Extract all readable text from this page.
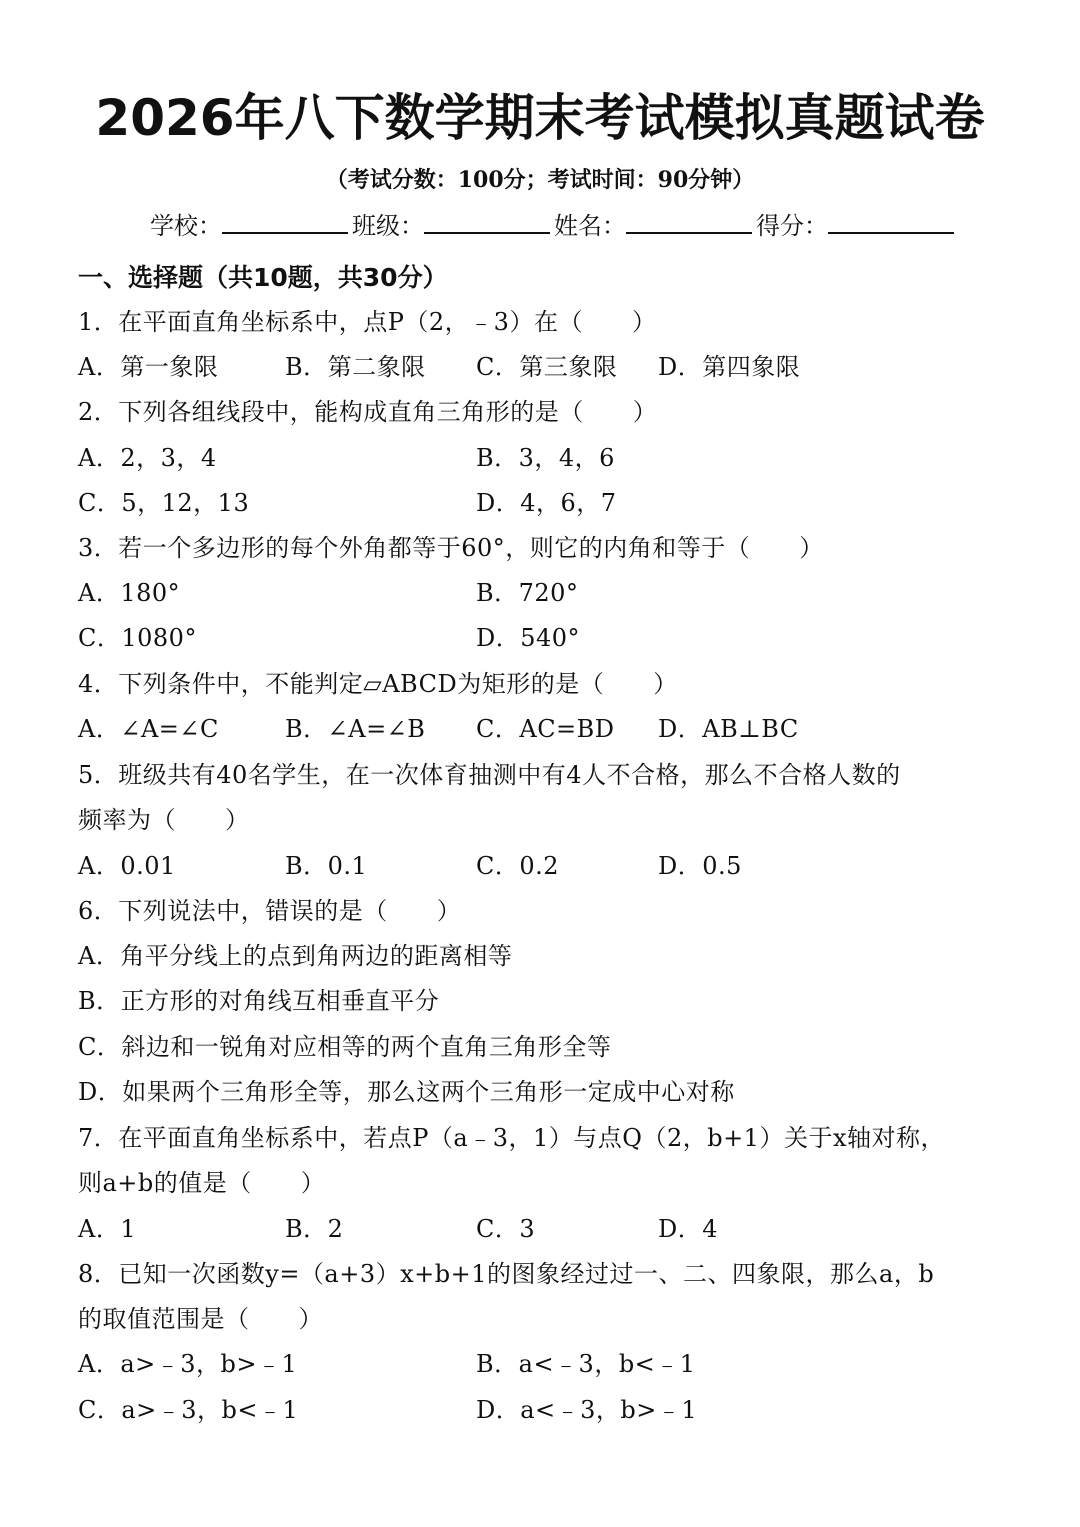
2026年八下数学期末考试模拟真题试卷
（考试分数：100分；考试时间：90分钟）
学校：	班级：	姓名：	得分：
一、选择题（共10题，共30分）
1．在平面直角坐标系中，点P（2，﹣3）在（　　）
A．第一象限	B．第二象限 C．第三象限 D．第四象限
2．下列各组线段中，能构成直角三角形的是（　　）
A．2，3，4	B．3，4，6
C．5，12，13	D．4，6，7
3．若一个多边形的每个外角都等于60°，则它的内角和等于（　　）
A．180°	B．720°
C．1080°	D．540°
4．下列条件中，不能判定▱ABCD为矩形的是（　　）
A．∠A=∠C	B．∠A=∠B C．AC=BD D．AB⊥BC
5．班级共有40名学生，在一次体育抽测中有4人不合格，那么不合格人数的
频率为（　　）
A．0.01	B．0.1	C．0.2	D．0.5
6．下列说法中，错误的是（　　）
A．角平分线上的点到角两边的距离相等
B．正方形的对角线互相垂直平分
C．斜边和一锐角对应相等的两个直角三角形全等
D．如果两个三角形全等，那么这两个三角形一定成中心对称
7．在平面直角坐标系中，若点P（a﹣3，1）与点Q（2，b+1）关于x轴对称，
则a+b的值是（　　）
A．1	B．2	C．3	D．4
8．已知一次函数y=（a+3）x+b+1的图象经过过一、二、四象限，那么a，b
的取值范围是（　　）
A．a>﹣3，b>﹣1	B．a<﹣3，b<﹣1
C．a>﹣3，b<﹣1	D．a<﹣3，b>﹣1
